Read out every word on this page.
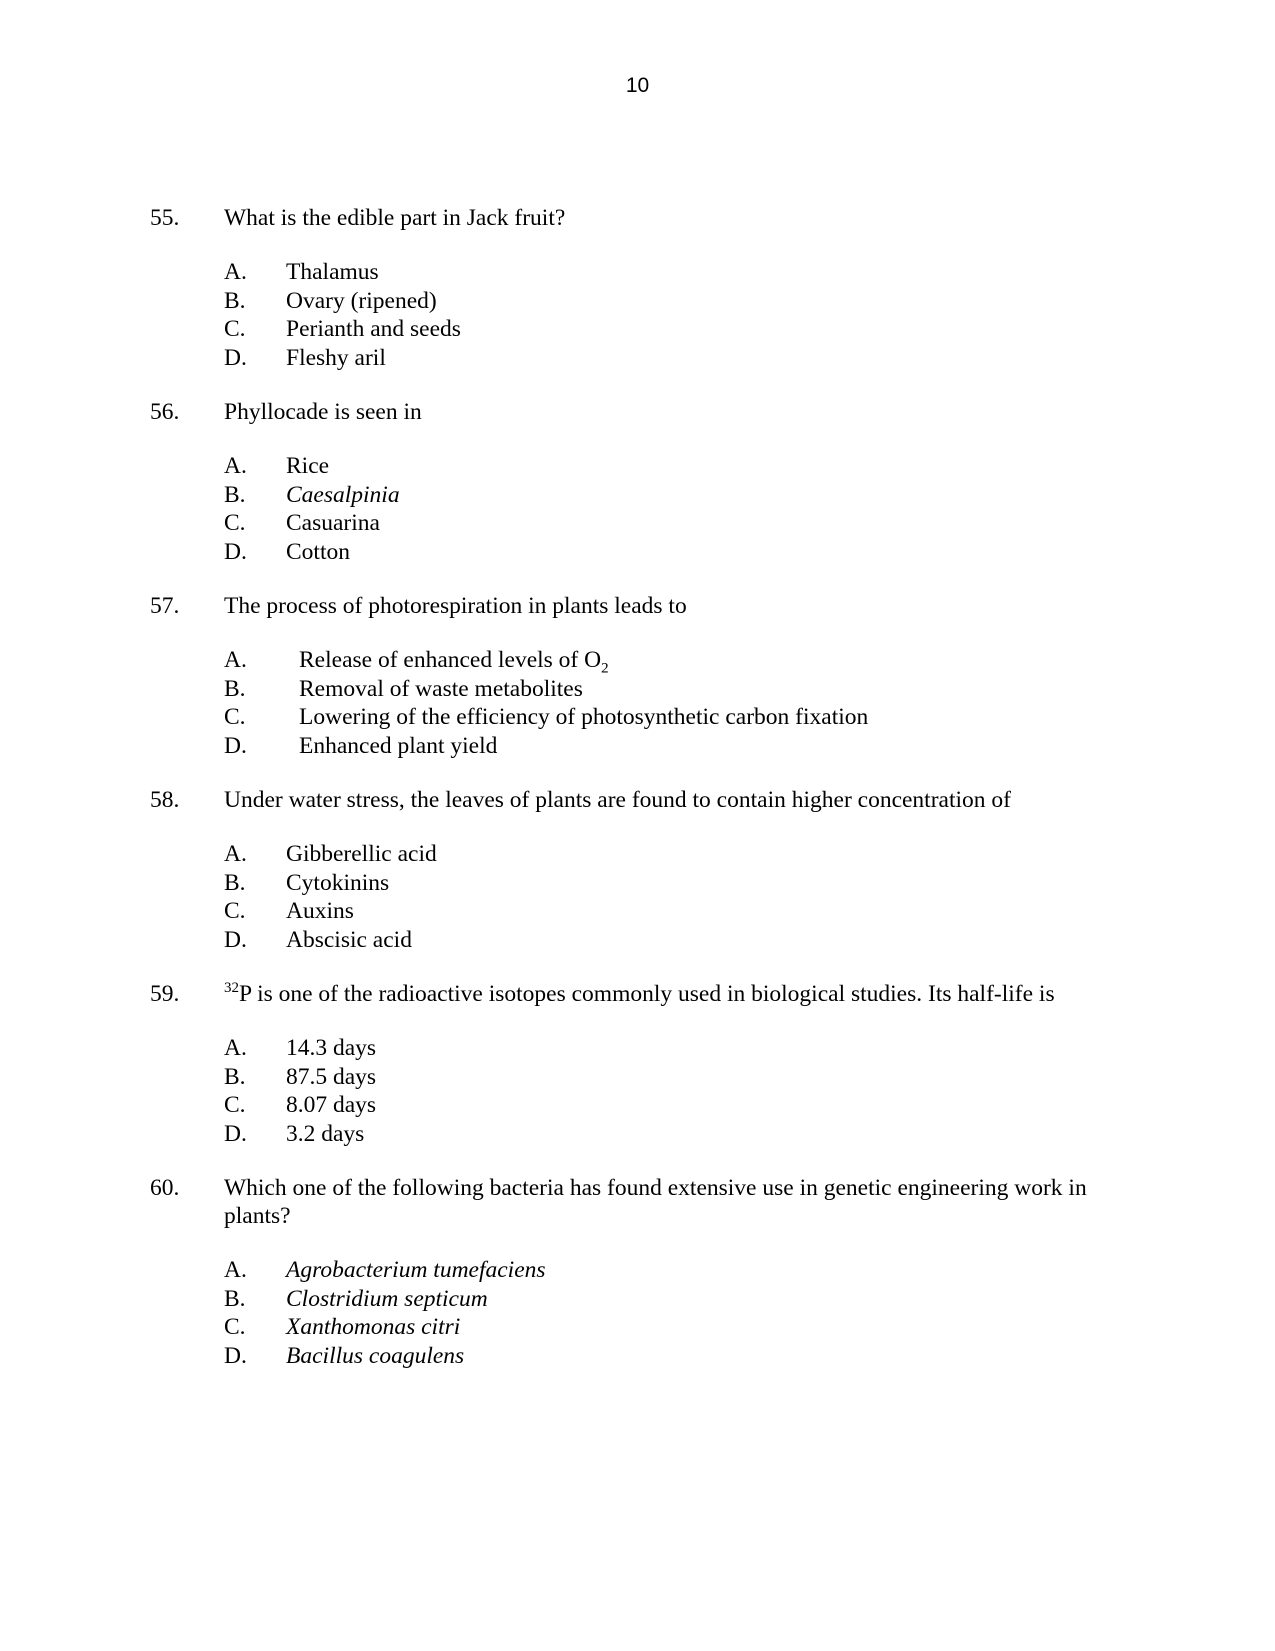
10
55. What is the edible part in Jack fruit?
A. Thalamus
B. Ovary (ripened)
C. Perianth and seeds
D. Fleshy aril
56. Phyllocade is seen in
A. Rice
B. Caesalpinia
C. Casuarina
D. Cotton
57. The process of photorespiration in plants leads to
A. Release of enhanced levels of $O_2$
B. Removal of waste metabolites
C. Lowering of the efficiency of photosynthetic carbon fixation
D. Enhanced plant yield
58. Under water stress, the leaves of plants are found to contain higher concentration of
A. Gibberellic acid
B. Cytokinins
C. Auxins
D. Abscisic acid
59.	$^{32}$P is one of the radioactive isotopes commonly used in biological studies. Its half-life is
A. 14.3 days
B. 87.5 days
C. 8.07 days
D. 3.2 days
60. Which one of the following bacteria has found extensive use in genetic engineering work in plants?
A. Agrobacterium tumefaciens
B. Clostridium septicum
C. Xanthomonas citri
D. Bacillus coagulens
